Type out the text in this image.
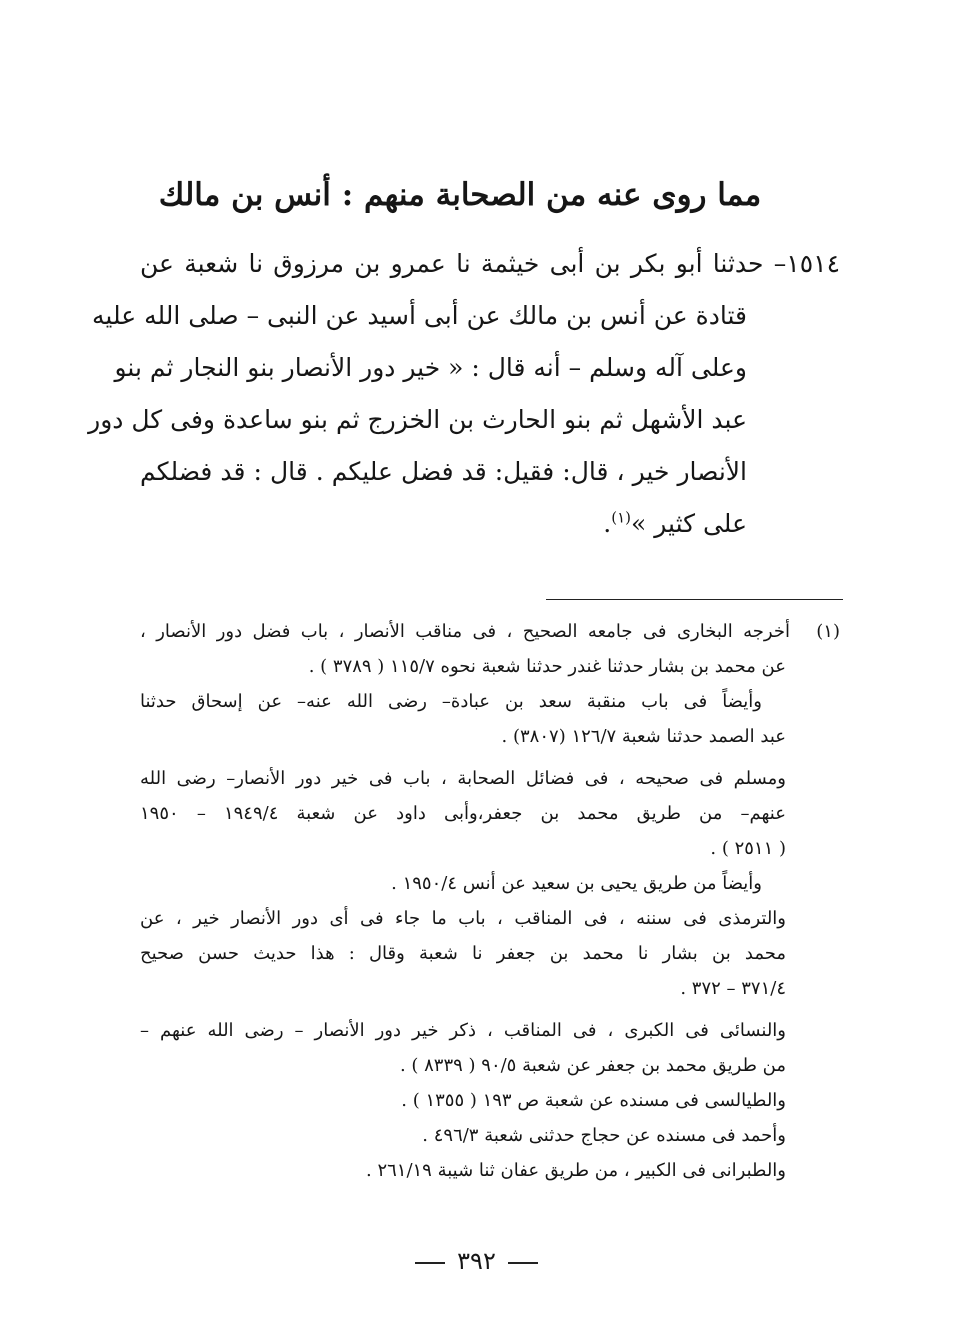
مما روى عنه من الصحابة منهم : أنس بن مالك
١٥١٤– حدثنا أبو بكر بن أبى خيثمة نا عمرو بن مرزوق نا شعبة عن
قتادة عن أنس بن مالك عن أبى أسيد عن النبى – صلى الله عليه
وعلى آله وسلم – أنه قال : « خير دور الأنصار بنو النجار ثم بنو
عبد الأشهل ثم بنو الحارث بن الخزرج ثم بنو ساعدة وفى كل دور
الأنصار خير ، قال: فقيل: قد فضل عليكم . قال : قد فضلكم
على كثير »$^{(١)}$.
(١)أخرجه البخارى فى جامعه الصحيح ، فى مناقب الأنصار ، باب فضل دور الأنصار ،
عن محمد بن بشار حدثنا غندر حدثنا شعبة نحوه ١١٥/٧ ( ٣٧٨٩ ) .
وأيضاً فى باب منقبة سعد بن عبادة– رضى الله عنه– عن إسحاق حدثنا
عبد الصمد حدثنا شعبة ١٢٦/٧ (٣٨٠٧) .
ومسلم فى صحيحه ، فى فضائل الصحابة ، باب فى خير دور الأنصار– رضى الله
عنهم– من طريق محمد بن جعفر،وأبى داود عن شعبة ١٩٤٩/٤ – ١٩٥٠
( ٢٥١١ ) .
وأيضاً من طريق يحيى بن سعيد عن أنس ١٩٥٠/٤ .
والترمذى فى سننه ، فى المناقب ، باب ما جاء فى أى دور الأنصار خير ، عن
محمد بن بشار نا محمد بن جعفر نا شعبة وقال : هذا حديث حسن صحيح
٣٧١/٤ – ٣٧٢ .
والنسائى فى الكبرى ، فى المناقب ، ذكر خير دور الأنصار – رضى الله عنهم –
من طريق محمد بن جعفر عن شعبة ٩٠/٥ ( ٨٣٣٩ ) .
والطيالسى فى مسنده عن شعبة ص ١٩٣ ( ١٣٥٥ ) .
وأحمد فى مسنده عن حجاج حدثنى شعبة ٤٩٦/٣ .
والطبرانى فى الكبير ، من طريق عفان ثنا شيبة ٢٦١/١٩ .
٣٩٢
